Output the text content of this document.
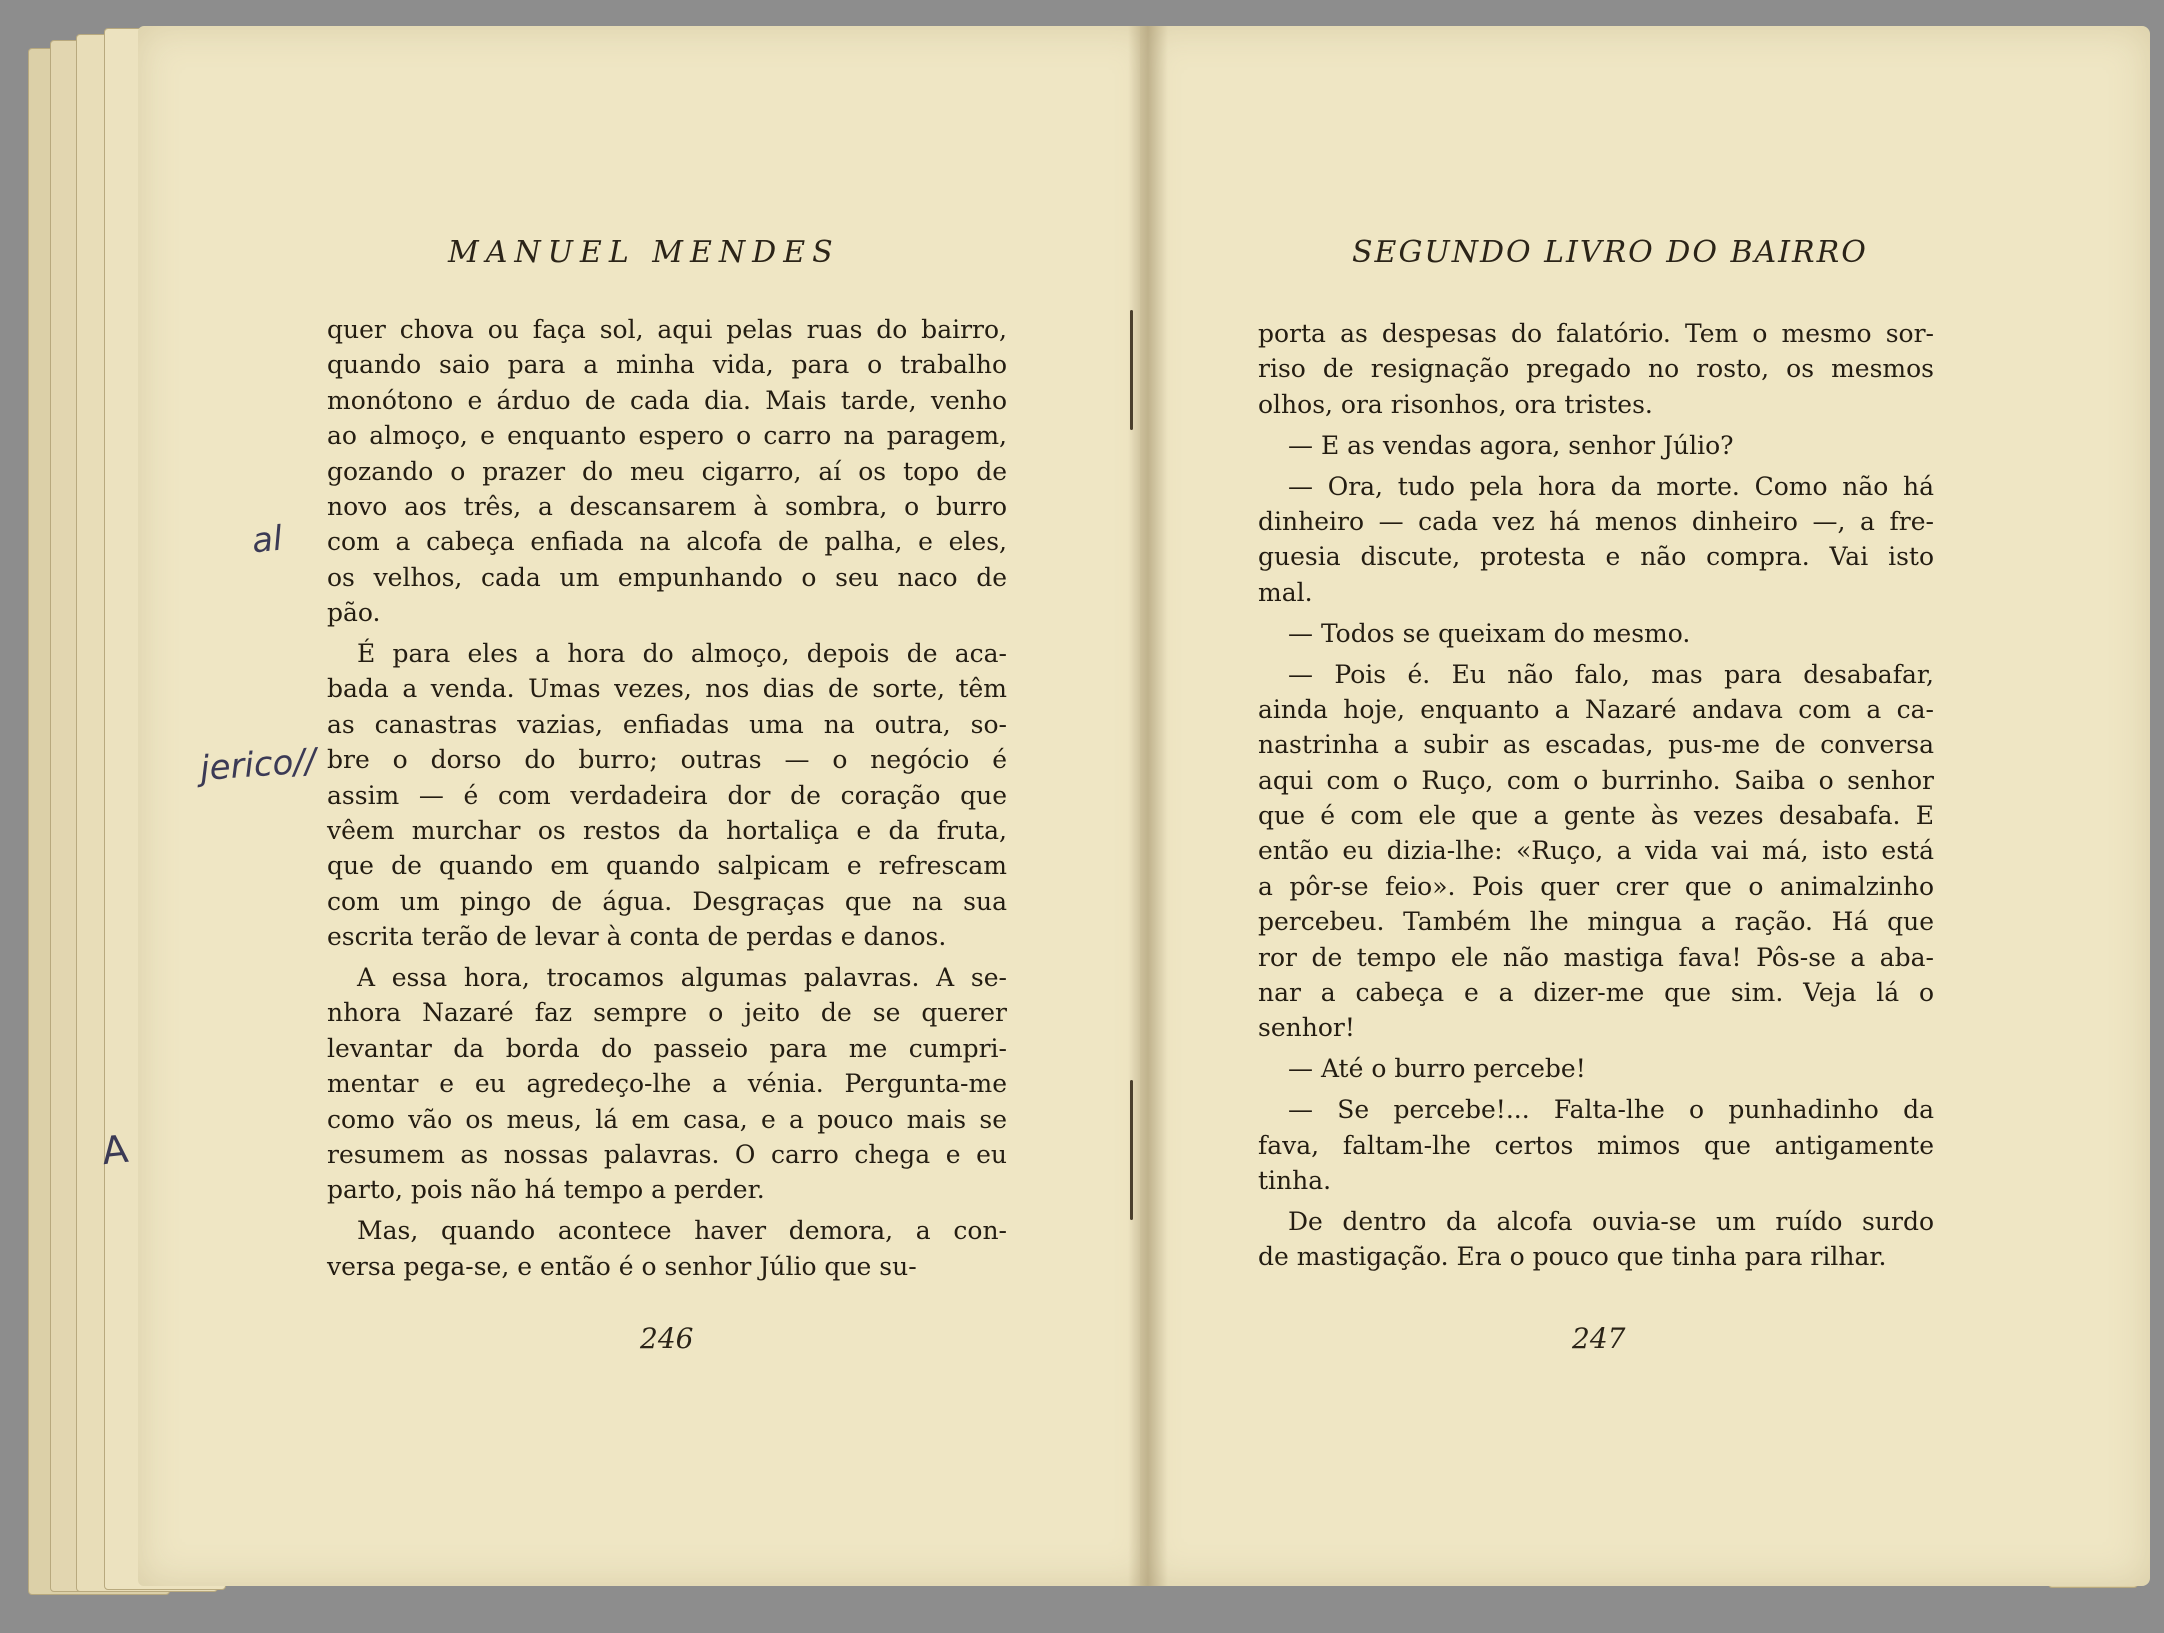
MANUEL MENDES	SEGUNDO LIVRO DO BAIRRO
quer chova ou faça sol, aqui pelas ruas do bairro,
quando saio para a minha vida, para o trabalho
monótono e árduo de cada dia. Mais tarde, venho
ao almoço, e enquanto espero o carro na paragem,
gozando o prazer do meu cigarro, aí os topo de
novo aos três, a descansarem à sombra, o burro
com a cabeça enfiada na alcofa de palha, e eles,
os velhos, cada um empunhando o seu naco de
pão.
É para eles a hora do almoço, depois de aca-
bada a venda. Umas vezes, nos dias de sorte, têm
as canastras vazias, enfiadas uma na outra, so-
bre o dorso do burro; outras — o negócio é
assim — é com verdadeira dor de coração que
vêem murchar os restos da hortaliça e da fruta,
que de quando em quando salpicam e refrescam
com um pingo de água. Desgraças que na sua
escrita terão de levar à conta de perdas e danos.
A essa hora, trocamos algumas palavras. A se-
nhora Nazaré faz sempre o jeito de se querer
levantar da borda do passeio para me cumpri-
mentar e eu agredeço-lhe a vénia. Pergunta-me
como vão os meus, lá em casa, e a pouco mais se
resumem as nossas palavras. O carro chega e eu
parto, pois não há tempo a perder.
Mas, quando acontece haver demora, a con-
versa pega-se, e então é o senhor Júlio que su-
porta as despesas do falatório. Tem o mesmo sor-
riso de resignação pregado no rosto, os mesmos
olhos, ora risonhos, ora tristes.
— E as vendas agora, senhor Júlio?
— Ora, tudo pela hora da morte. Como não há
dinheiro — cada vez há menos dinheiro —, a fre-
guesia discute, protesta e não compra. Vai isto
mal.
— Todos se queixam do mesmo.
— Pois é. Eu não falo, mas para desabafar,
ainda hoje, enquanto a Nazaré andava com a ca-
nastrinha a subir as escadas, pus-me de conversa
aqui com o Ruço, com o burrinho. Saiba o senhor
que é com ele que a gente às vezes desabafa. E
então eu dizia-lhe: «Ruço, a vida vai má, isto está
a pôr-se feio». Pois quer crer que o animalzinho
percebeu. Também lhe mingua a ração. Há que
ror de tempo ele não mastiga fava! Pôs-se a aba-
nar a cabeça e a dizer-me que sim. Veja lá o
senhor!
— Até o burro percebe!
— Se percebe!... Falta-lhe o punhadinho da
fava, faltam-lhe certos mimos que antigamente
tinha.
De dentro da alcofa ouvia-se um ruído surdo
de mastigação. Era o pouco que tinha para rilhar.
246	247
al
jerico//
A
